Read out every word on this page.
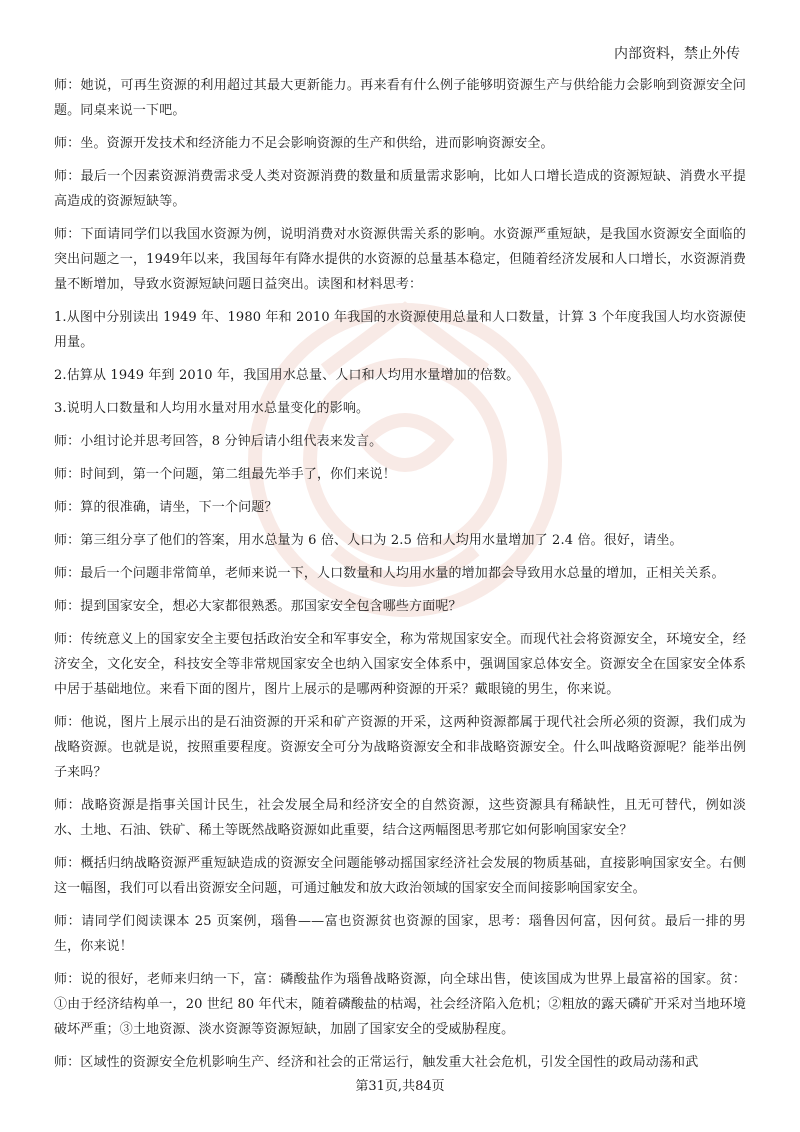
内部资料，禁止外传

师：她说，可再生资源的利用超过其最大更新能力。再来看有什么例子能够明资源生产与供给能力会影响到资源安全问题。同桌来说一下吧。

师：坐。资源开发技术和经济能力不足会影响资源的生产和供给，进而影响资源安全。

师：最后一个因素资源消费需求受人类对资源消费的数量和质量需求影响，比如人口增长造成的资源短缺、消费水平提高造成的资源短缺等。

师：下面请同学们以我国水资源为例，说明消费对水资源供需关系的影响。水资源严重短缺，是我国水资源安全面临的突出问题之一，1949年以来，我国每年有降水提供的水资源的总量基本稳定，但随着经济发展和人口增长，水资源消费量不断增加，导致水资源短缺问题日益突出。读图和材料思考：

1.从图中分别读出 1949 年、1980 年和 2010 年我国的水资源使用总量和人口数量，计算 3 个年度我国人均水资源使用量。

2.估算从 1949 年到 2010 年，我国用水总量、人口和人均用水量增加的倍数。

3.说明人口数量和人均用水量对用水总量变化的影响。

师：小组讨论并思考回答，8 分钟后请小组代表来发言。

师：时间到，第一个问题，第二组最先举手了，你们来说！

师：算的很准确，请坐，下一个问题？

师：第三组分享了他们的答案，用水总量为 6 倍、人口为 2.5 倍和人均用水量增加了 2.4 倍。很好，请坐。

师：最后一个问题非常简单，老师来说一下，人口数量和人均用水量的增加都会导致用水总量的增加，正相关关系。

师：提到国家安全，想必大家都很熟悉。那国家安全包含哪些方面呢？

师：传统意义上的国家安全主要包括政治安全和军事安全，称为常规国家安全。而现代社会将资源安全，环境安全，经济安全，文化安全，科技安全等非常规国家安全也纳入国家安全体系中，强调国家总体安全。资源安全在国家安全体系中居于基础地位。来看下面的图片，图片上展示的是哪两种资源的开采？戴眼镜的男生，你来说。

师：他说，图片上展示出的是石油资源的开采和矿产资源的开采，这两种资源都属于现代社会所必须的资源，我们成为战略资源。也就是说，按照重要程度。资源安全可分为战略资源安全和非战略资源安全。什么叫战略资源呢？能举出例子来吗？

师：战略资源是指事关国计民生，社会发展全局和经济安全的自然资源，这些资源具有稀缺性，且无可替代，例如淡水、土地、石油、铁矿、稀土等既然战略资源如此重要，结合这两幅图思考那它如何影响国家安全？

师：概括归纳战略资源严重短缺造成的资源安全问题能够动摇国家经济社会发展的物质基础，直接影响国家安全。右侧这一幅图，我们可以看出资源安全问题，可通过触发和放大政治领域的国家安全而间接影响国家安全。

师：请同学们阅读课本 25 页案例，瑙鲁——富也资源贫也资源的国家，思考：瑙鲁因何富，因何贫。最后一排的男生，你来说！

师：说的很好，老师来归纳一下，富：磷酸盐作为瑙鲁战略资源，向全球出售，使该国成为世界上最富裕的国家。贫：①由于经济结构单一，20 世纪 80 年代末，随着磷酸盐的枯竭，社会经济陷入危机；②粗放的露天磷矿开采对当地环境破坏严重；③土地资源、淡水资源等资源短缺，加剧了国家安全的受威胁程度。

师：区域性的资源安全危机影响生产、经济和社会的正常运行，触发重大社会危机，引发全国性的政局动荡和武

第31页,共84页
